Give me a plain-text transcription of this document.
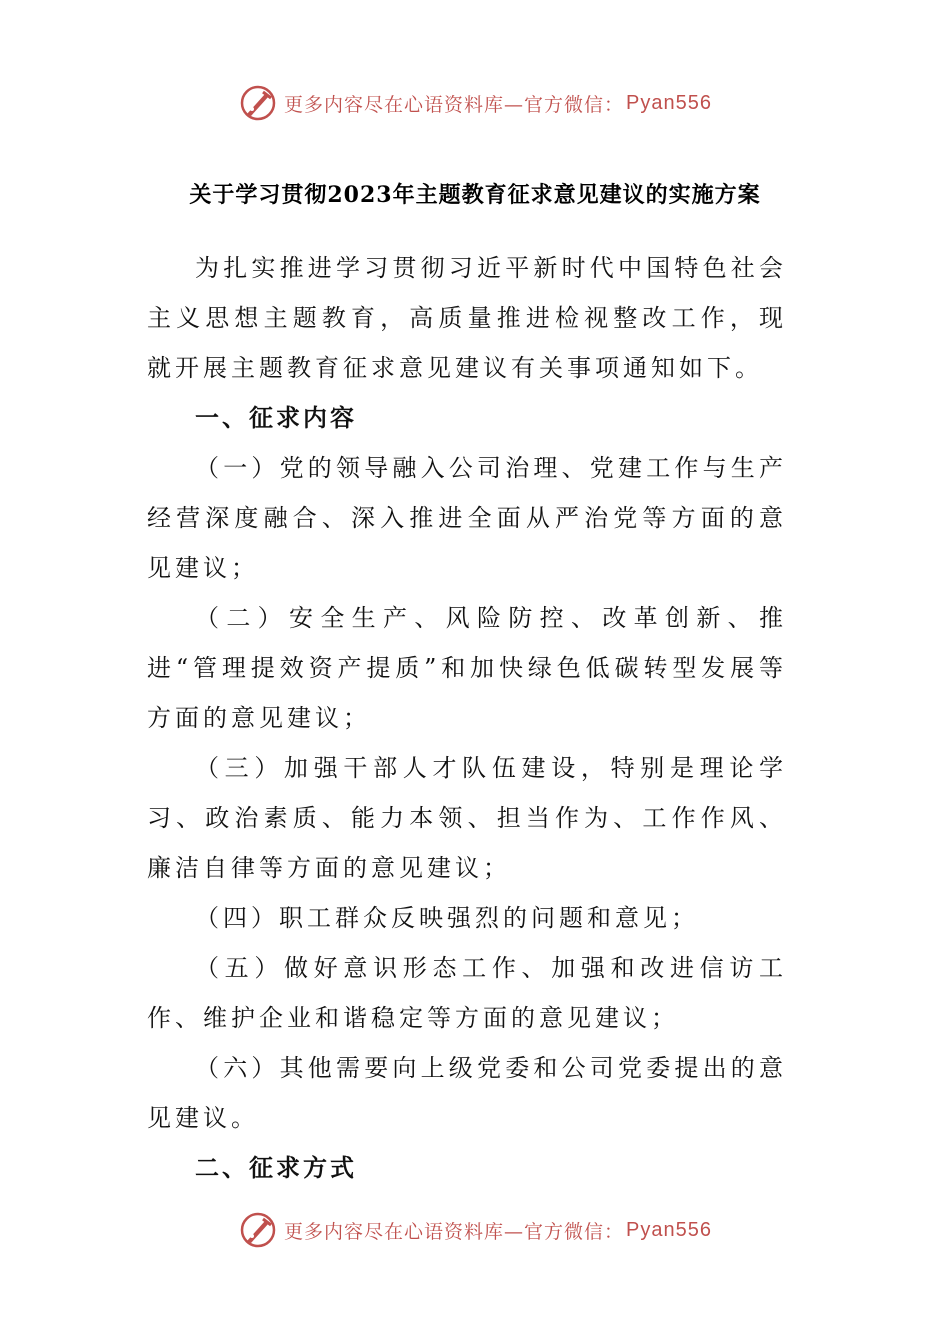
更多内容尽在心语资料库— 官方微信： Pyan556
关于学习贯彻2023年主题教育征求意见建议的实施方案

为扎实推进学习贯彻习近平新时代中国特色社会主义思想主题教育，高质量推进检视整改工作，现就开展主题教育征求意见建议有关事项通知如下。

一、征求内容

（一）党的领导融入公司治理、党建工作与生产经营深度融合、深入推进全面从严治党等方面的意见建议；

（二）安全生产、风险防控、改革创新、推进“管理提效资产提质”和加快绿色低碳转型发展等方面的意见建议；

（三）加强干部人才队伍建设，特别是理论学习、政治素质、能力本领、担当作为、工作作风、廉洁自律等方面的意见建议；

（四）职工群众反映强烈的问题和意见；

（五）做好意识形态工作、加强和改进信访工作、维护企业和谐稳定等方面的意见建议；

（六）其他需要向上级党委和公司党委提出的意见建议。

二、征求方式
更多内容尽在心语资料库— 官方微信： Pyan556
